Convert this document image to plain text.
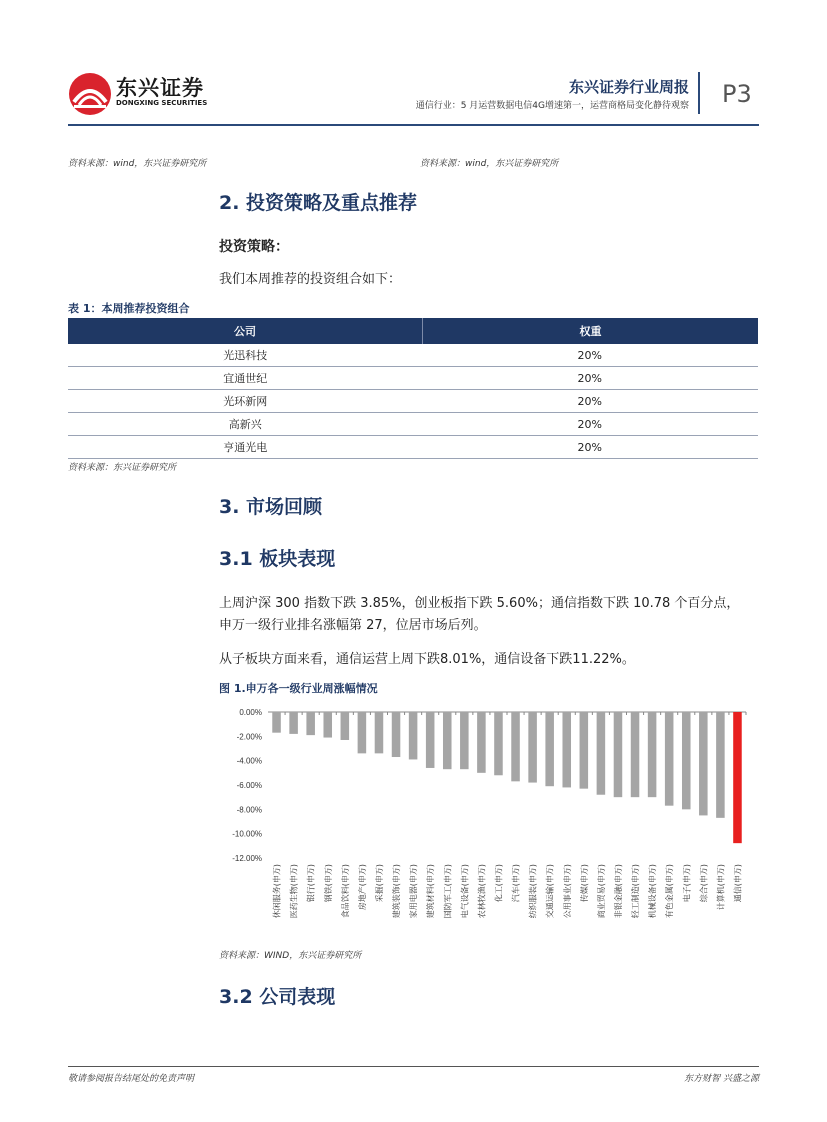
东兴证券
DONGXING SECURITIES
东兴证券行业周报
通信行业：5 月运营数据电信4G增速第一，运营商格局变化静待观察 P3
资料来源：wind，东兴证券研究所	资料来源：wind，东兴证券研究所
2. 投资策略及重点推荐
投资策略：
我们本周推荐的投资组合如下：
表 1：本周推荐投资组合
公司	权重
光迅科技	20%
宜通世纪	20%
光环新网	20%
高新兴	20%
亨通光电	20%
资料来源：东兴证券研究所
3. 市场回顾
3.1 板块表现
上周沪深 300 指数下跌 3.85%，创业板指下跌 5.60%；通信指数下跌 10.78 个百分点，
申万一级行业排名涨幅第 27，位居市场后列。
从子板块方面来看，通信运营上周下跌8.01%，通信设备下跌11.22%。
图 1.申万各一级行业周涨幅情况
0.00%
-2.00%
-4.00%
-6.00%
-8.00%
-10.00%
-12.00%
休闲服务(申万) 医药生物(申万) 银行(申万) 钢铁(申万) 食品饮料(申万) 房地产(申万) 采掘(申万) 建筑装饰(申万) 家用电器(申万) 建筑材料(申万) 国防军工(申万) 电气设备(申万) 农林牧渔(申万) 化工(申万) 汽车(申万) 纺织服装(申万) 交通运输(申万) 公用事业(申万) 传媒(申万) 商业贸易(申万) 非银金融(申万) 轻工制造(申万) 机械设备(申万) 有色金属(申万) 电子(申万) 综合(申万) 计算机(申万) 通信(申万)
资料来源：WIND，东兴证券研究所
3.2 公司表现
敬请参阅报告结尾处的免责声明	东方财智 兴盛之源
